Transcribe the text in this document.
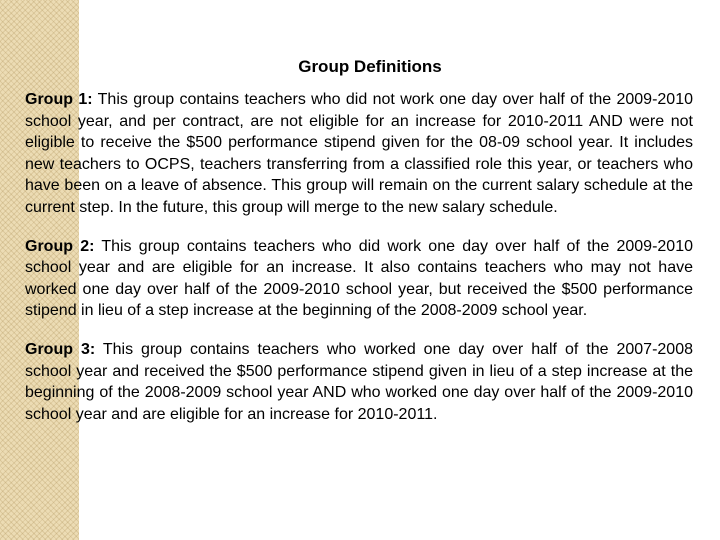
Group Definitions

Group 1: This group contains teachers who did not work one day over half of the 2009-2010 school year, and per contract, are not eligible for an increase for 2010-2011 AND were not eligible to receive the $500 performance stipend given for the 08-09 school year. It includes new teachers to OCPS, teachers transferring from a classified role this year, or teachers who have been on a leave of absence. This group will remain on the current salary schedule at the current step. In the future, this group will merge to the new salary schedule.

Group 2: This group contains teachers who did work one day over half of the 2009-2010 school year and are eligible for an increase. It also contains teachers who may not have worked one day over half of the 2009-2010 school year, but received the $500 performance stipend in lieu of a step increase at the beginning of the 2008-2009 school year.

Group 3: This group contains teachers who worked one day over half of the 2007-2008 school year and received the $500 performance stipend given in lieu of a step increase at the beginning of the 2008-2009 school year AND who worked one day over half of the 2009-2010 school year and are eligible for an increase for 2010-2011.
